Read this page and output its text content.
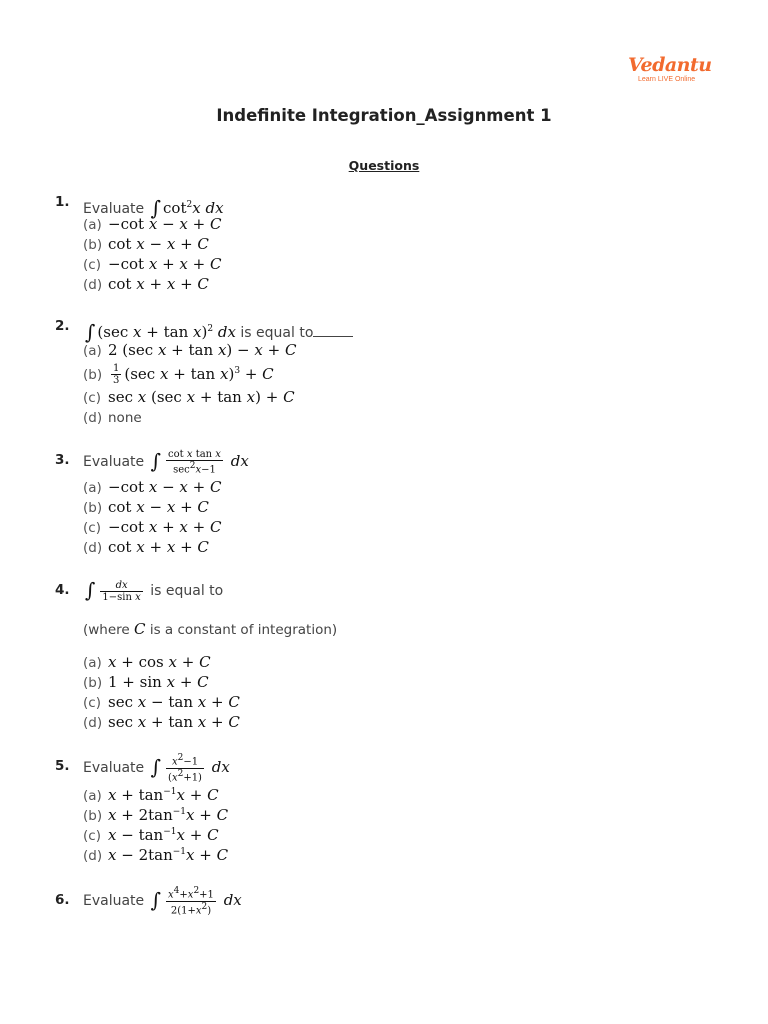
Vedantu
Learn LIVE Online
Indefinite Integration_Assignment 1
Questions
1. Evaluate ∫ $\cot^2x$ dx
(a) −cot x − x + C
(b) cot x − x + C
(c) −cot x + x + C
(d) cot x + x + C
2. ∫ (sec x + tan x)$^2$ dx is equal to
(a) 2 (sec x + tan x) − x + C
$(b) \frac{1}{3} (\sec$ x + tan x)$^3$ + C
(c) sec x (sec x + tan x) + C
(d) none
3. Evaluate ∫ $\frac{\text{cot x tan x}}{\sec^2x-1}$ dx
(a) −cot x − x + C
(b) cot x − x + C
(c) −cot x + x + C
(d) cot x + x + C
4. ∫ $\frac{dx}{\text{1−sin x}}$ is equal to
(where C is a constant of integration)
(a) x + cos x + C
(b) 1 + sin x + C
(c) sec x − tan x + C
(d) sec x + tan x + C
5. Evaluate ∫ $\frac{x^2-1}{(x^2+1)}$ dx
(a) $x + \tan^{-1}x + C$
(b) $x + 2\tan^{-1}x + C$
(c) $x - \tan^{-1}x + C$
(d) $x - 2\tan^{-1}x + C$
6. Evaluate ∫ $\frac{x^4+x^2+1}{2(1+x^2)}$ dx
